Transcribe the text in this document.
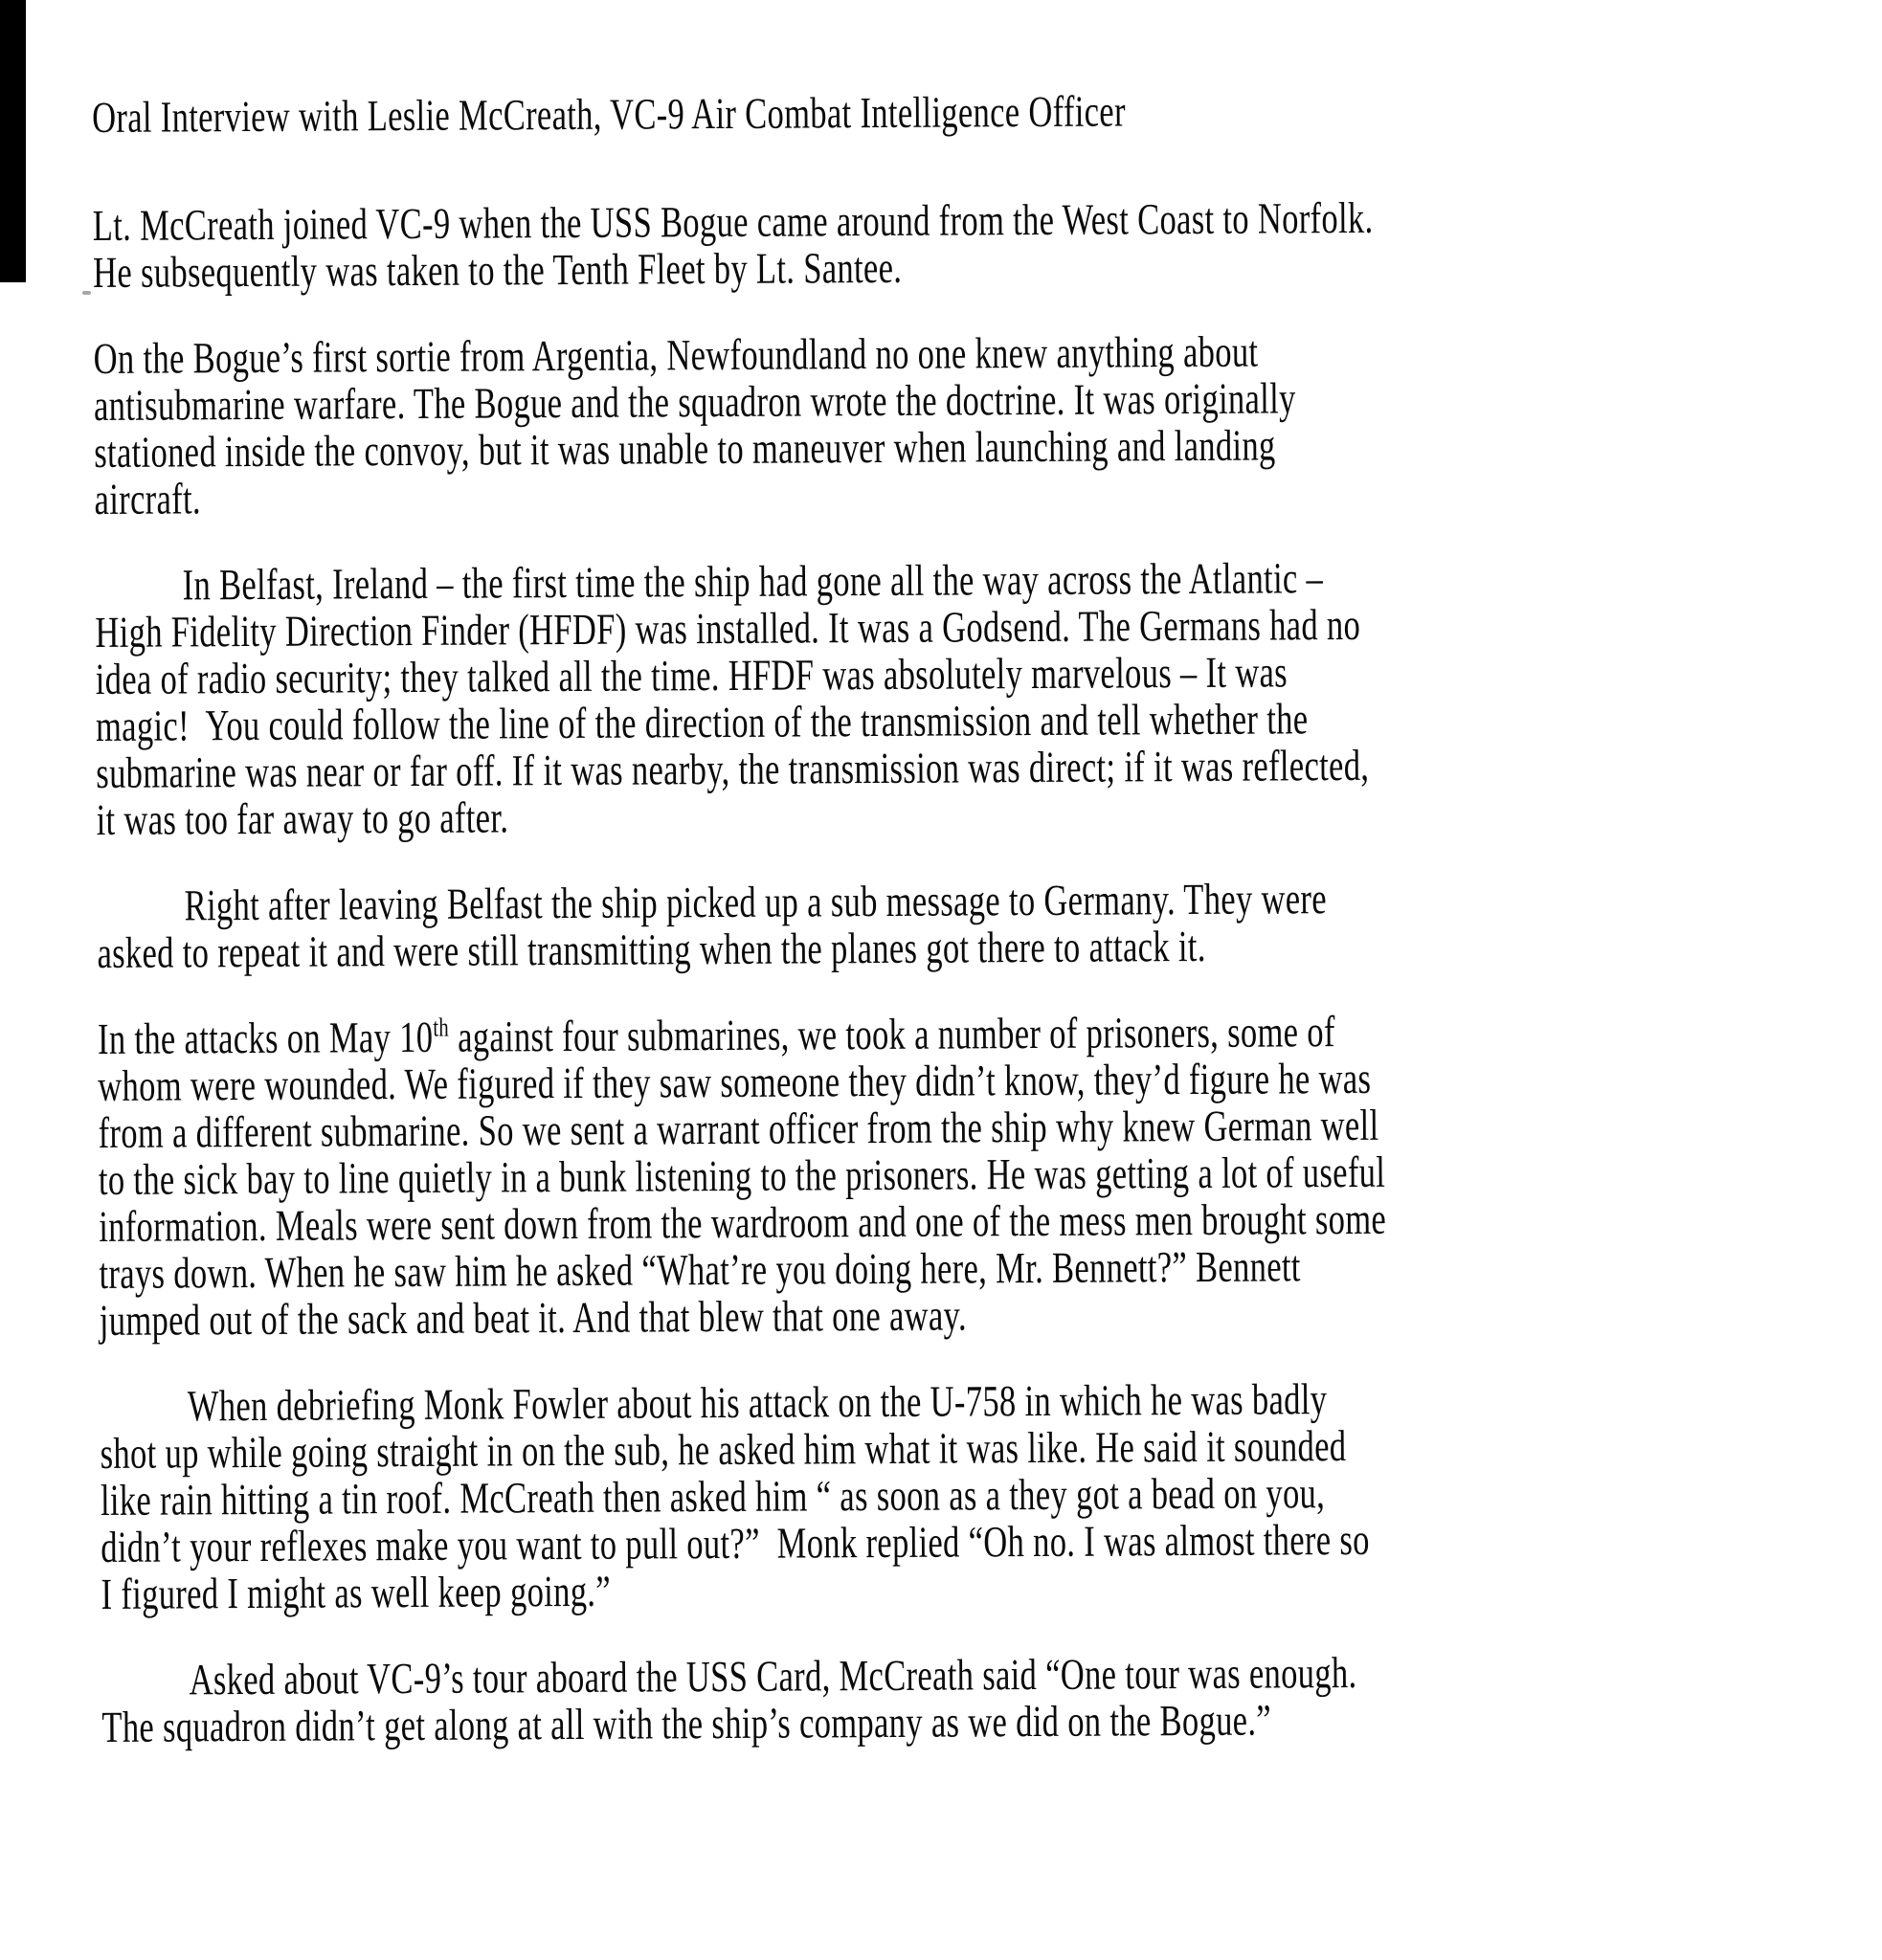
Oral Interview with Leslie McCreath, VC-9 Air Combat Intelligence Officer

Lt. McCreath joined VC-9 when the USS Bogue came around from the West Coast to Norfolk. He subsequently was taken to the Tenth Fleet by Lt. Santee.

On the Bogue’s first sortie from Argentia, Newfoundland no one knew anything about antisubmarine warfare. The Bogue and the squadron wrote the doctrine. It was originally stationed inside the convoy, but it was unable to maneuver when launching and landing aircraft.

In Belfast, Ireland – the first time the ship had gone all the way across the Atlantic – High Fidelity Direction Finder (HFDF) was installed. It was a Godsend. The Germans had no idea of radio security; they talked all the time. HFDF was absolutely marvelous – It was magic!  You could follow the line of the direction of the transmission and tell whether the submarine was near or far off. If it was nearby, the transmission was direct; if it was reflected, it was too far away to go after.

Right after leaving Belfast the ship picked up a sub message to Germany. They were asked to repeat it and were still transmitting when the planes got there to attack it.

In the attacks on May 10th against four submarines, we took a number of prisoners, some of whom were wounded. We figured if they saw someone they didn’t know, they’d figure he was from a different submarine. So we sent a warrant officer from the ship why knew German well to the sick bay to line quietly in a bunk listening to the prisoners. He was getting a lot of useful information. Meals were sent down from the wardroom and one of the mess men brought some trays down. When he saw him he asked “What’re you doing here, Mr. Bennett?” Bennett jumped out of the sack and beat it. And that blew that one away.

When debriefing Monk Fowler about his attack on the U-758 in which he was badly shot up while going straight in on the sub, he asked him what it was like. He said it sounded like rain hitting a tin roof. McCreath then asked him “ as soon as a they got a bead on you, didn’t your reflexes make you want to pull out?”  Monk replied “Oh no. I was almost there so I figured I might as well keep going.”

Asked about VC-9’s tour aboard the USS Card, McCreath said “One tour was enough. The squadron didn’t get along at all with the ship’s company as we did on the Bogue.”
